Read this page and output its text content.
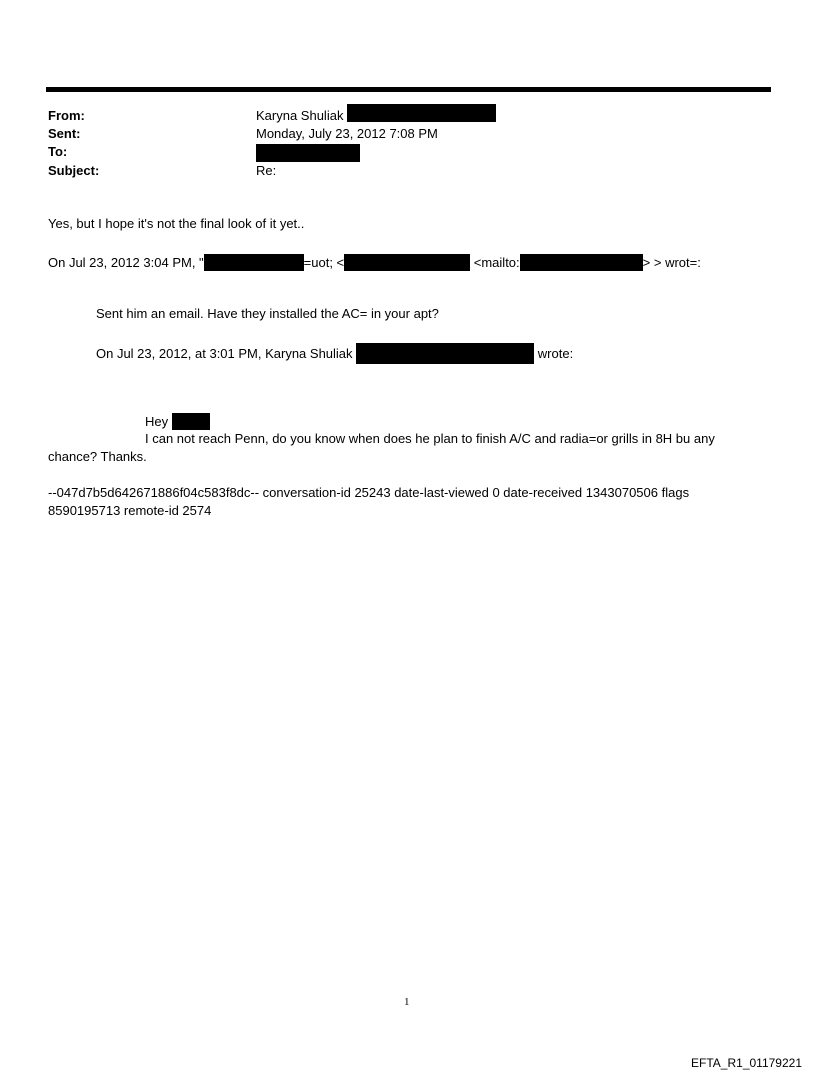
From:	Karyna Shuliak
Sent:	Monday, July 23, 2012 7:08 PM
To:
Subject:	Re:
Yes, but I hope it's not the final look of it yet..
On Jul 23, 2012 3:04 PM, "	=uot; <	<mailto:	> > wrot=:
Sent him an email. Have they installed the AC= in your apt?
On Jul 23, 2012, at 3:01 PM, Karyna Shuliak	wrote:
Hey
I can not reach Penn, do you know when does he plan to finish A/C and radia=or grills in 8H bu any
chance? Thanks.
--047d7b5d642671886f04c583f8dc-- conversation-id 25243 date-last-viewed 0 date-received 1343070506 flags
8590195713 remote-id 2574
1
EFTA_R1_01179221
